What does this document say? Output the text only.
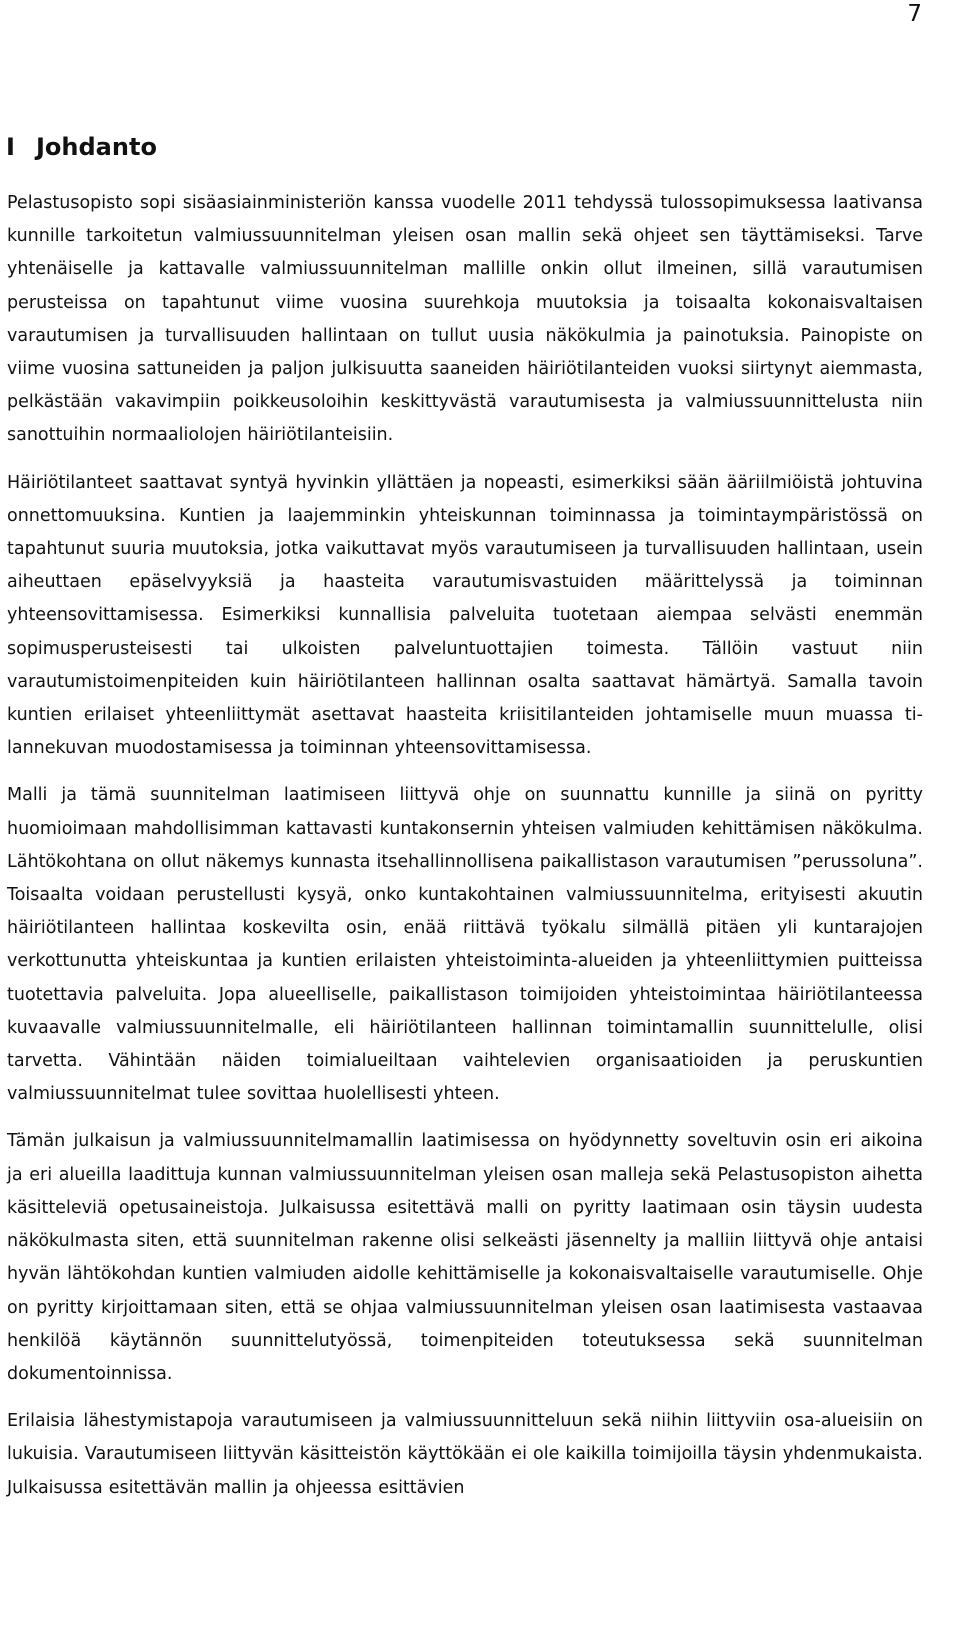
7
I Johdanto

Pelastusopisto sopi sisäasiainministeriön kanssa vuodelle 2011 tehdyssä tulossopimuksessa laativansa kunnille tarkoitetun valmiussuunnitelman yleisen osan mallin sekä ohjeet sen täyttämiseksi. Tarve yhtenäiselle ja kattavalle valmiussuunnitelman mallille onkin ollut ilmeinen, sillä varautumisen perusteissa on tapahtunut viime vuosina suurehkoja muutoksia ja toisaalta kokonaisvaltaisen varautumisen ja turvallisuuden hallintaan on tullut uusia näkökulmia ja painotuksia. Painopiste on viime vuosina sattuneiden ja paljon julkisuutta saaneiden häiriötilanteiden vuoksi siirtynyt aiemmasta, pelkästään vakavimpiin poikkeusoloihin keskittyvästä varautumisesta ja valmiussuunnittelusta niin sanottuihin normaaliolojen häiriötilanteisiin.

Häiriötilanteet saattavat syntyä hyvinkin yllättäen ja nopeasti, esimerkiksi sään ääriilmiöistä johtuvina onnettomuuksina. Kuntien ja laajemminkin yhteiskunnan toiminnassa ja toimintaympäristössä on tapahtunut suuria muutoksia, jotka vaikuttavat myös varautumiseen ja turvallisuuden hallintaan, usein aiheuttaen epäselvyyksiä ja haasteita varautumisvastuiden määrittelyssä ja toiminnan yhteensovittamisessa. Esimerkiksi kunnallisia palveluita tuotetaan aiempaa selvästi enemmän sopimusperusteisesti tai ulkoisten palveluntuottajien toimesta. Tällöin vastuut niin varautumistoimenpiteiden kuin häiriötilanteen hallinnan osalta saattavat hämärtyä. Samalla tavoin kuntien erilaiset yhteenliittymät asettavat haasteita kriisitilanteiden johtamiselle muun muassa tilannekuvan muodostamisessa ja toiminnan yhteensovittamisessa.

Malli ja tämä suunnitelman laatimiseen liittyvä ohje on suunnattu kunnille ja siinä on pyritty huomioimaan mahdollisimman kattavasti kuntakonsernin yhteisen valmiuden kehittämisen näkökulma. Lähtökohtana on ollut näkemys kunnasta itsehallinnollisena paikallistason varautumisen ”perussoluna”. Toisaalta voidaan perustellusti kysyä, onko kuntakohtainen valmiussuunnitelma, erityisesti akuutin häiriötilanteen hallintaa koskevilta osin, enää riittävä työkalu silmällä pitäen yli kuntarajojen verkottunutta yhteiskuntaa ja kuntien erilaisten yhteistoiminta-alueiden ja yhteenliittymien puitteissa tuotettavia palveluita. Jopa alueelliselle, paikallistason toimijoiden yhteistoimintaa häiriötilanteessa kuvaavalle valmiussuunnitelmalle, eli häiriötilanteen hallinnan toimintamallin suunnittelulle, olisi tarvetta. Vähintään näiden toimialueiltaan vaihtelevien organisaatioiden ja peruskuntien valmiussuunnitelmat tulee sovittaa huolellisesti yhteen.

Tämän julkaisun ja valmiussuunnitelmamallin laatimisessa on hyödynnetty soveltuvin osin eri aikoina ja eri alueilla laadittuja kunnan valmiussuunnitelman yleisen osan malleja sekä Pelastusopiston aihetta käsitteleviä opetusaineistoja. Julkaisussa esitettävä malli on pyritty laatimaan osin täysin uudesta näkökulmasta siten, että suunnitelman rakenne olisi selkeästi jäsennelty ja malliin liittyvä ohje antaisi hyvän lähtökohdan kuntien valmiuden aidolle kehittämiselle ja kokonaisvaltaiselle varautumiselle. Ohje on pyritty kirjoittamaan siten, että se ohjaa valmiussuunnitelman yleisen osan laatimisesta vastaavaa henkilöä käytännön suunnittelutyössä, toimenpiteiden toteutuksessa sekä suunnitelman dokumentoinnissa.

Erilaisia lähestymistapoja varautumiseen ja valmiussuunnitteluun sekä niihin liittyviin osa-alueisiin on lukuisia. Varautumiseen liittyvän käsitteistön käyttökään ei ole kaikilla toimijoilla täysin yhdenmukaista. Julkaisussa esitettävän mallin ja ohjeessa esittävien
